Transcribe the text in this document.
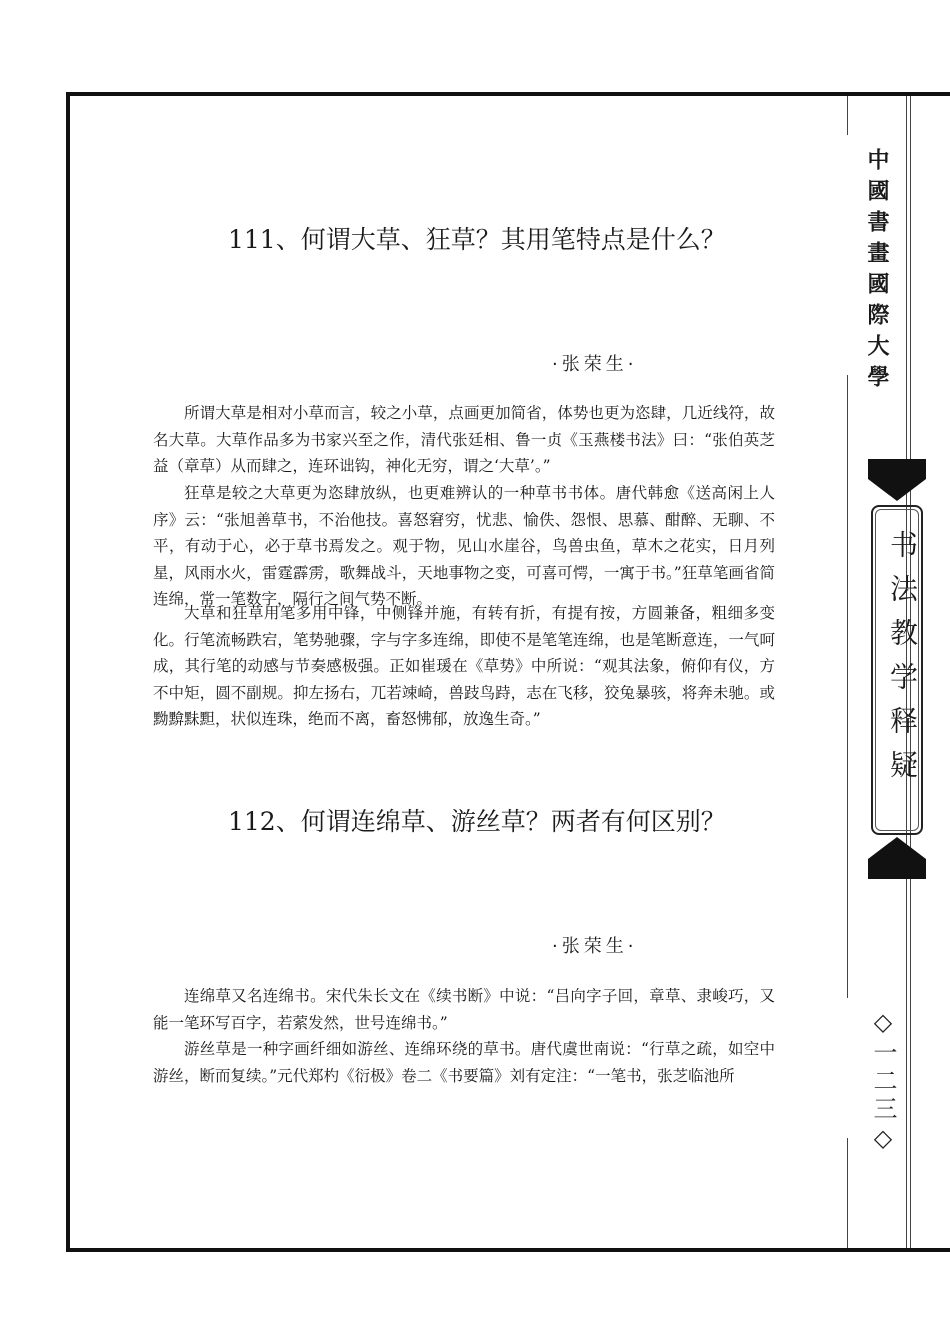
中國書畫國際大學
书法教学释疑
◇一二三◇
111、何谓大草、狂草？其用笔特点是什么？
·张荣生·

所谓大草是相对小草而言，较之小草，点画更加简省，体势也更为恣肆，几近线符，故名大草。大草作品多为书家兴至之作，清代张廷相、鲁一贞《玉燕楼书法》曰：“张伯英芝益（章草）从而肆之，连环诎钩，神化无穷，谓之‘大草’。”

狂草是较之大草更为恣肆放纵，也更难辨认的一种草书书体。唐代韩愈《送高闲上人序》云：“张旭善草书，不治他技。喜怒窘穷，忧悲、愉佚、怨恨、思慕、酣醉、无聊、不平，有动于心，必于草书焉发之。观于物，见山水崖谷，鸟兽虫鱼，草木之花实，日月列星，风雨水火，雷霆霹雳，歌舞战斗，天地事物之变，可喜可愕，一寓于书。”狂草笔画省简连绵，常一笔数字，隔行之间气势不断。

大草和狂草用笔多用中锋，中侧锋并施，有转有折，有提有按，方圆兼备，粗细多变化。行笔流畅跌宕，笔势驰骤，字与字多连绵，即使不是笔笔连绵，也是笔断意连，一气呵成，其行笔的动感与节奏感极强。正如崔瑗在《草势》中所说：“观其法象，俯仰有仪，方不中矩，圆不副规。抑左扬右，兀若竦崎，兽跂鸟跱，志在飞移，狡兔暴骇，将奔未驰。或黝黭䵢䵣，状似连珠，绝而不离，畜怒怫郁，放逸生奇。”

112、何谓连绵草、游丝草？两者有何区别？
·张荣生·

连绵草又名连绵书。宋代朱长文在《续书断》中说：“吕向字子回，章草、隶峻巧，又能一笔环写百字，若萦发然，世号连绵书。”

游丝草是一种字画纤细如游丝、连绵环绕的草书。唐代虞世南说：“行草之疏，如空中游丝，断而复续。”元代郑杓《衍极》卷二《书要篇》刘有定注：“一笔书，张芝临池所
